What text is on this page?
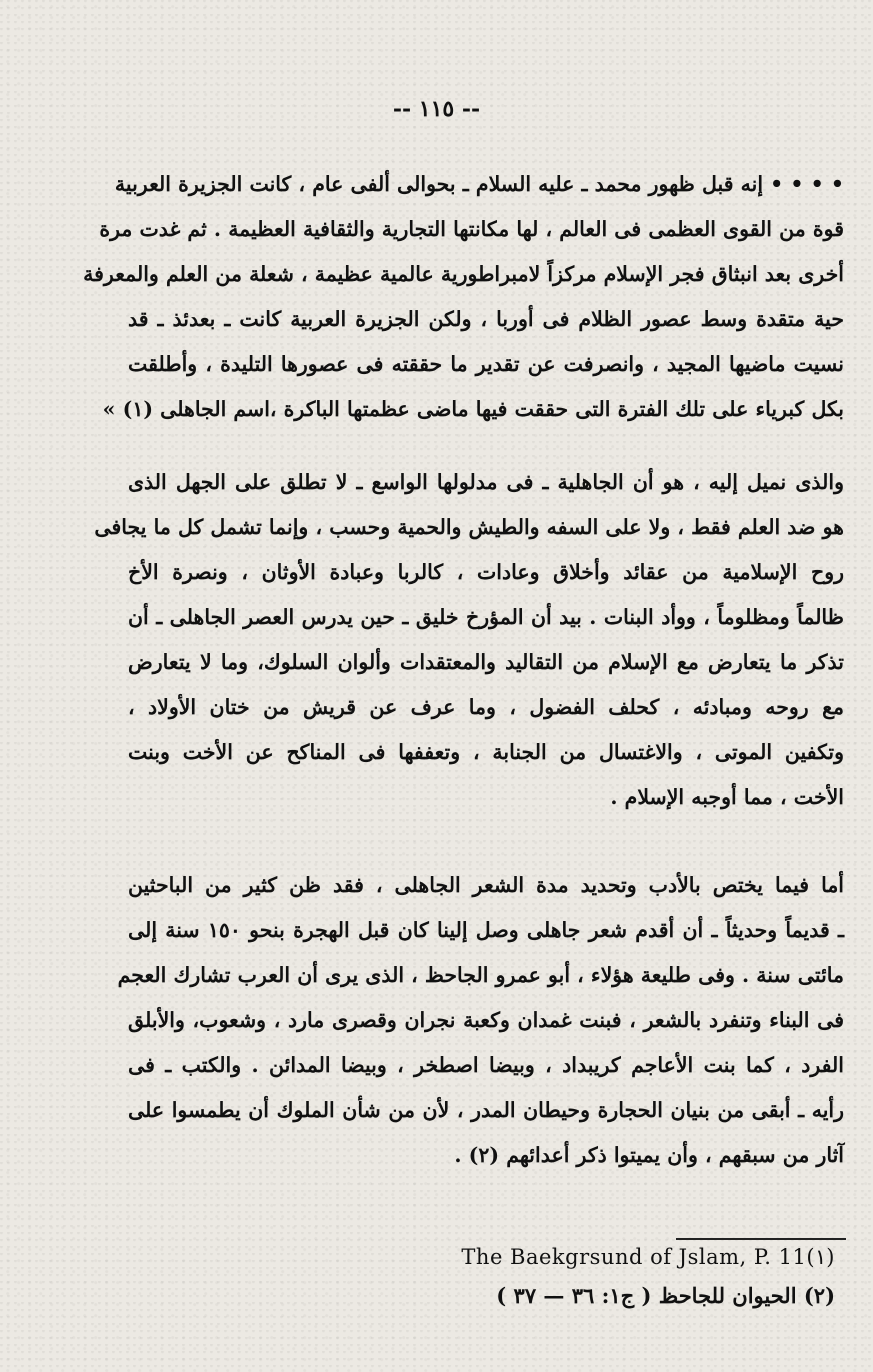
-- ١١٥ --
• • • • إنه قبل ظهور محمد ـ عليه السلام ـ بحوالى ألفى عام ، كانت الجزيرة العربية
قوة من القوى العظمى فى العالم ، لها مكانتها التجارية والثقافية العظيمة . ثم غدت مرة
أخرى بعد انبثاق فجر الإسلام مركزاً لامبراطورية عالمية عظيمة ، شعلة من العلم والمعرفة
حية متقدة وسط عصور الظلام فى أوربا ، ولكن الجزيرة العربية كانت ـ بعدئذ ـ قد
نسيت ماضيها المجيد ، وانصرفت عن تقدير ما حققته فى عصورها التليدة ، وأطلقت
بكل كبرياء على تلك الفترة التى حققت فيها ماضى عظمتها الباكرة ،اسم الجاهلى (١) »
والذى نميل إليه ، هو أن الجاهلية ـ فى مدلولها الواسع ـ لا تطلق على الجهل الذى
هو ضد العلم فقط ، ولا على السفه والطيش والحمية وحسب ، وإنما تشمل كل ما يجافى
روح الإسلامية من عقائد وأخلاق وعادات ، كالربا وعبادة الأوثان ، ونصرة الأخ
ظالماً ومظلوماً ، ووأد البنات . بيد أن المؤرخ خليق ـ حين يدرس العصر الجاهلى ـ أن
تذكر ما يتعارض مع الإسلام من التقاليد والمعتقدات وألوان السلوك، وما لا يتعارض
مع روحه ومبادئه ، كحلف الفضول ، وما عرف عن قريش من ختان الأولاد ،
وتكفين الموتى ، والاغتسال من الجنابة ، وتعففها فى المناكح عن الأخت وبنت
الأخت ، مما أوجبه الإسلام .
أما فيما يختص بالأدب وتحديد مدة الشعر الجاهلى ، فقد ظن كثير من الباحثين
ـ قديماً وحديثاً ـ أن أقدم شعر جاهلى وصل إلينا كان قبل الهجرة بنحو ١٥٠ سنة إلى
مائتى سنة . وفى طليعة هؤلاء ، أبو عمرو الجاحظ ، الذى يرى أن العرب تشارك العجم
فى البناء وتنفرد بالشعر ، فبنت غمدان وكعبة نجران وقصرى مارد ، وشعوب، والأبلق
الفرد ، كما بنت الأعاجم كريبداد ، وبيضا اصطخر ، وبيضا المدائن . والكتب ـ فى
رأيه ـ أبقى من بنيان الحجارة وحيطان المدر ، لأن من شأن الملوك أن يطمسوا على
آثار من سبقهم ، وأن يميتوا ذكر أعدائهم (٢) .
The Baekgrsund of Jslam, P. 11(١)
(٢) الحيوان للجاحظ ( ج١: ٣٦ — ٣٧ )
